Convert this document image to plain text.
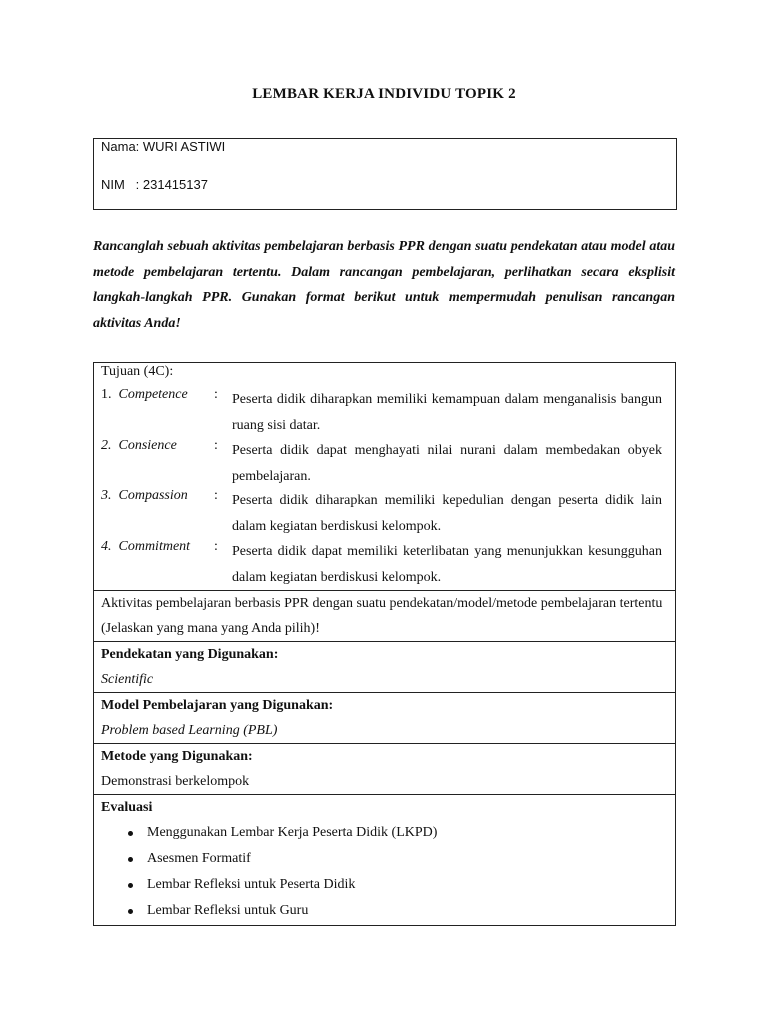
LEMBAR KERJA INDIVIDU TOPIK 2
Nama: WURI ASTIWI
NIM   : 231415137
Rancanglah sebuah aktivitas pembelajaran berbasis PPR dengan suatu pendekatan atau model atau metode pembelajaran tertentu. Dalam rancangan pembelajaran, perlihatkan secara eksplisit langkah-langkah PPR. Gunakan format berikut untuk mempermudah penulisan rancangan aktivitas Anda!
Tujuan (4C):
1. Competence : Peserta didik diharapkan memiliki kemampuan dalam menganalisis bangun ruang sisi datar.
2. Consience	: Peserta didik dapat menghayati nilai nurani dalam membedakan obyek pembelajaran.
3. Compassion : Peserta didik diharapkan memiliki kepedulian dengan peserta didik lain dalam kegiatan berdiskusi kelompok.
4. Commitment : Peserta didik dapat memiliki keterlibatan yang menunjukkan kesungguhan dalam kegiatan berdiskusi kelompok.
Aktivitas pembelajaran berbasis PPR dengan suatu pendekatan/model/metode pembelajaran tertentu (Jelaskan yang mana yang Anda pilih)!
Pendekatan yang Digunakan:
Scientific
Model Pembelajaran yang Digunakan:
Problem based Learning (PBL)
Metode yang Digunakan:
Demonstrasi berkelompok
Evaluasi
Menggunakan Lembar Kerja Peserta Didik (LKPD)
Asesmen Formatif
Lembar Refleksi untuk Peserta Didik
Lembar Refleksi untuk Guru
